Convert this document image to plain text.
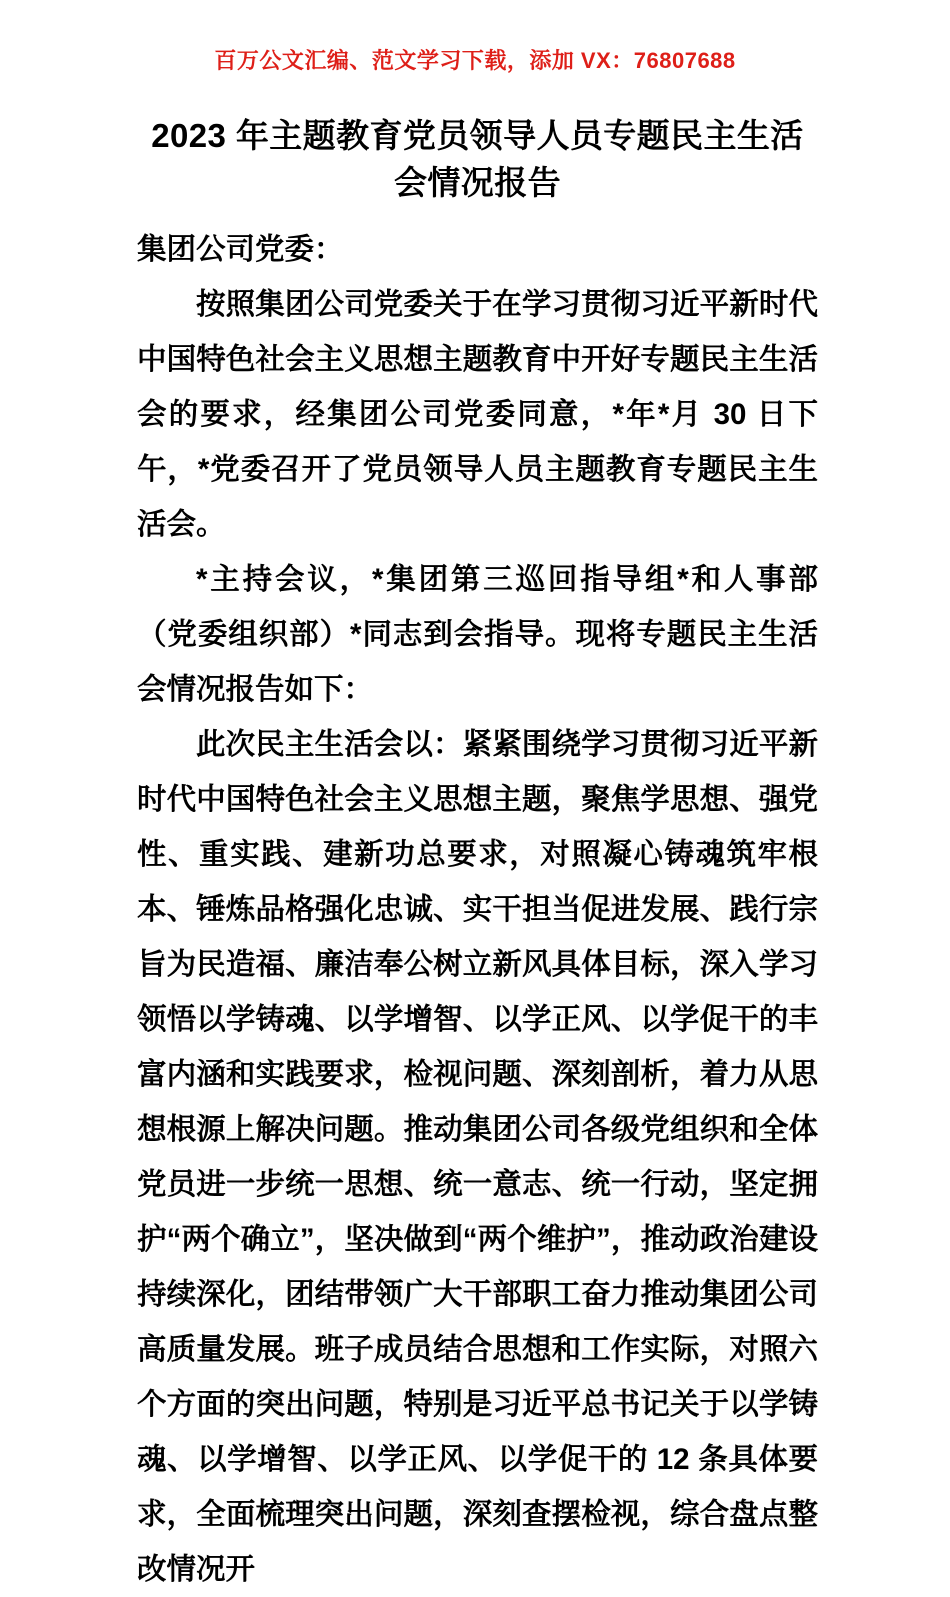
百万公文汇编、范文学习下载，添加 VX：76807688
2023 年主题教育党员领导人员专题民主生活会情况报告

集团公司党委：

按照集团公司党委关于在学习贯彻习近平新时代中国特色社会主义思想主题教育中开好专题民主生活会的要求，经集团公司党委同意，*年*月 30 日下午，*党委召开了党员领导人员主题教育专题民主生活会。

*主持会议，*集团第三巡回指导组*和人事部（党委组织部）*同志到会指导。现将专题民主生活会情况报告如下：

此次民主生活会以：紧紧围绕学习贯彻习近平新时代中国特色社会主义思想主题，聚焦学思想、强党性、重实践、建新功总要求，对照凝心铸魂筑牢根本、锤炼品格强化忠诚、实干担当促进发展、践行宗旨为民造福、廉洁奉公树立新风具体目标，深入学习领悟以学铸魂、以学增智、以学正风、以学促干的丰富内涵和实践要求，检视问题、深刻剖析，着力从思想根源上解决问题。推动集团公司各级党组织和全体党员进一步统一思想、统一意志、统一行动，坚定拥护“两个确立”，坚决做到“两个维护”，推动政治建设持续深化，团结带领广大干部职工奋力推动集团公司高质量发展。班子成员结合思想和工作实际，对照六个方面的突出问题，特别是习近平总书记关于以学铸魂、以学增智、以学正风、以学促干的 12 条具体要求，全面梳理突出问题，深刻查摆检视，综合盘点整改情况开
